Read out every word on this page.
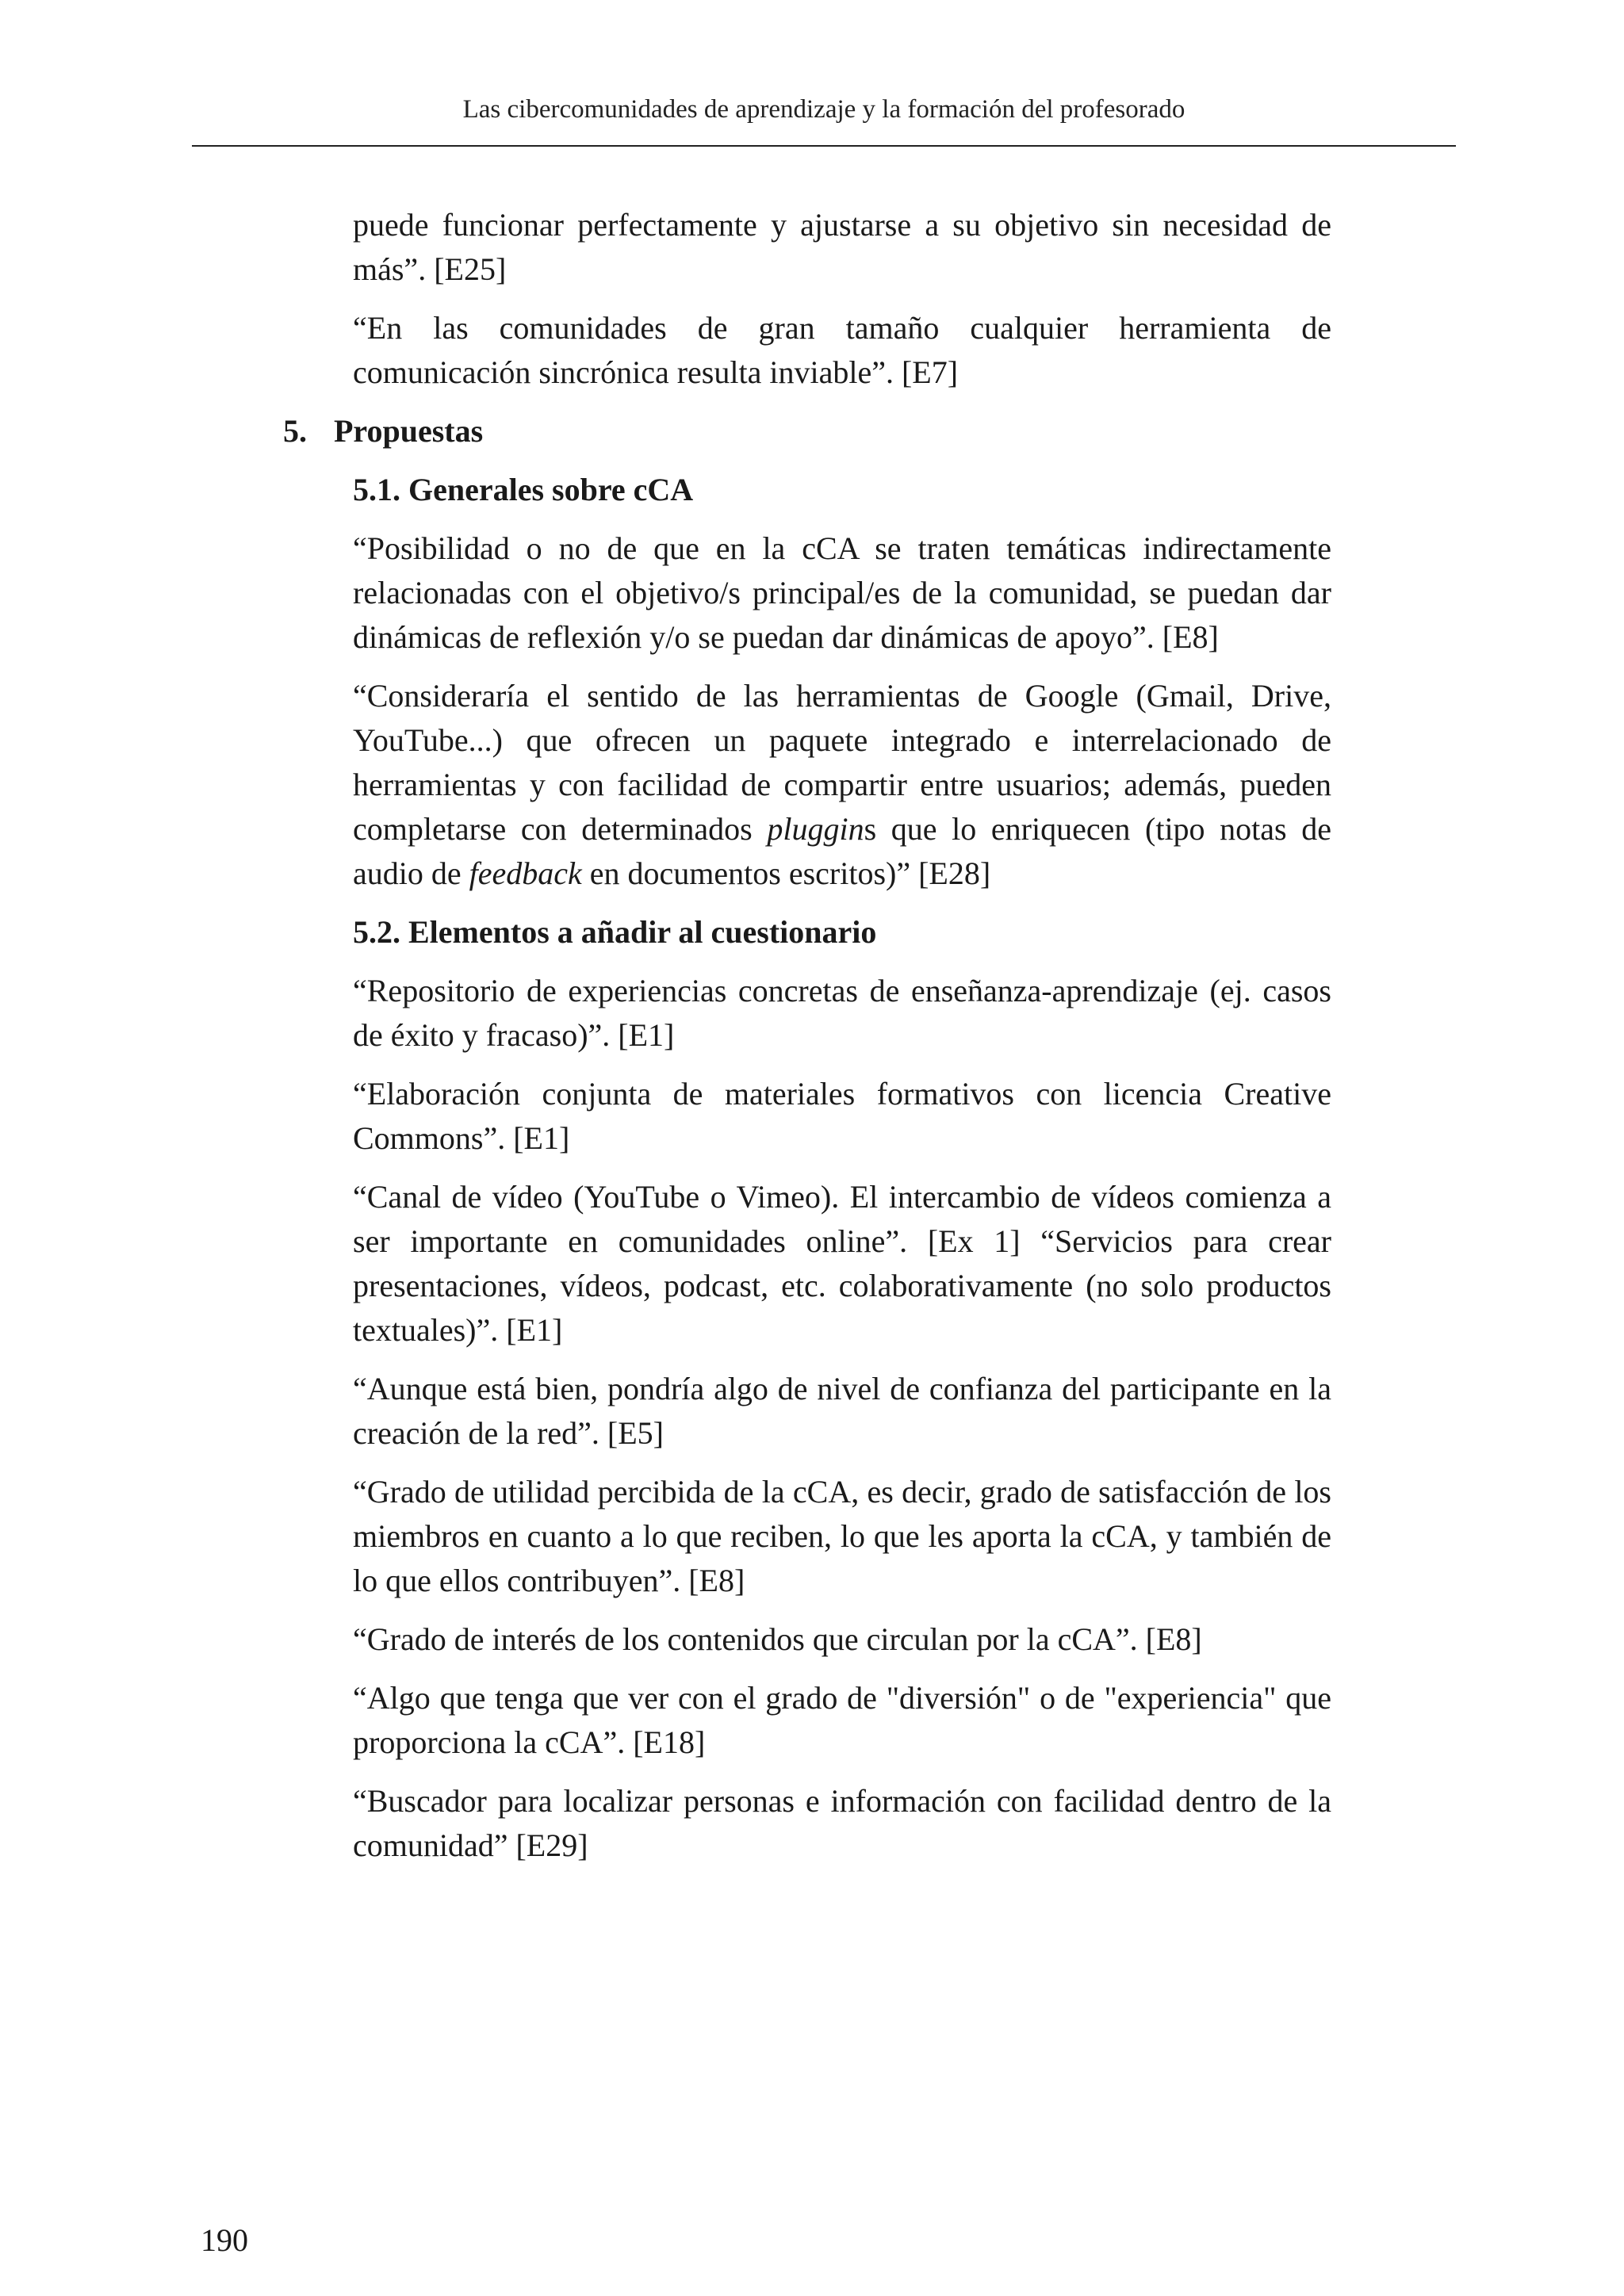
Las cibercomunidades de aprendizaje y la formación del profesorado

puede funcionar perfectamente y ajustarse a su objetivo sin necesidad de más”. [E25]

“En las comunidades de gran tamaño cualquier herramienta de comunicación sincrónica resulta inviable”. [E7]

5. Propuestas
5.1. Generales sobre cCA

“Posibilidad o no de que en la cCA se traten temáticas indirectamente relacionadas con el objetivo/s principal/es de la comunidad, se puedan dar dinámicas de reflexión y/o se puedan dar dinámicas de apoyo”. [E8]

“Consideraría el sentido de las herramientas de Google (Gmail, Drive, YouTube...) que ofrecen un paquete integrado e interrelacionado de herramientas y con facilidad de compartir entre usuarios; además, pueden completarse con determinados pluggins que lo enriquecen (tipo notas de audio de feedback en documentos escritos)” [E28]

5.2. Elementos a añadir al cuestionario

“Repositorio de experiencias concretas de enseñanza-aprendizaje (ej. casos de éxito y fracaso)”. [E1]

“Elaboración conjunta de materiales formativos con licencia Creative Commons”. [E1]

“Canal de vídeo (YouTube o Vimeo). El intercambio de vídeos comienza a ser importante en comunidades online”. [Ex 1] “Servicios para crear presentaciones, vídeos, podcast, etc. colaborativamente (no solo productos textuales)”. [E1]

“Aunque está bien, pondría algo de nivel de confianza del participante en la creación de la red”. [E5]

“Grado de utilidad percibida de la cCA, es decir, grado de satisfacción de los miembros en cuanto a lo que reciben, lo que les aporta la cCA, y también de lo que ellos contribuyen”. [E8]

“Grado de interés de los contenidos que circulan por la cCA”. [E8]

“Algo que tenga que ver con el grado de "diversión" o de "experiencia" que proporciona la cCA”. [E18]

“Buscador para localizar personas e información con facilidad dentro de la comunidad” [E29]

190
